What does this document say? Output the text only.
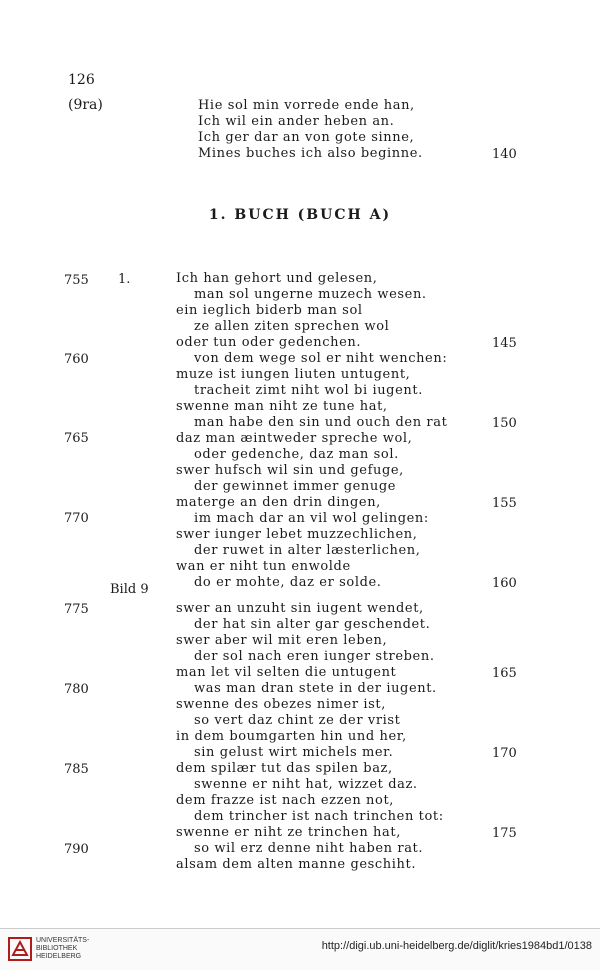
126
(9ra)	Hie sol min vorrede ende han,
Ich wil ein ander heben an.
Ich ger dar an von gote sinne,
Mines buches ich also beginne.	140
1. BUCH (BUCH A)
1.
Bild 9
Ich han gehort und gelesen,
man sol ungerne muzech wesen.
ein ieglich biderb man sol
ze allen ziten sprechen wol
oder tun oder gedenchen.
von dem wege sol er niht wenchen:
muze ist iungen liuten untugent,
tracheit zimt niht wol bi iugent.
swenne man niht ze tune hat,
man habe den sin und ouch den rat
daz man æintweder spreche wol,
oder gedenche, daz man sol.
swer hufsch wil sin und gefuge,
der gewinnet immer genuge
materge an den drin dingen,
im mach dar an vil wol gelingen:
swer iunger lebet muzzechlichen,
der ruwet in alter læsterlichen,
wan er niht tun enwolde
do er mohte, daz er solde.
swer an unzuht sin iugent wendet,
der hat sin alter gar geschendet.
swer aber wil mit eren leben,
der sol nach eren iunger streben.
man let vil selten die untugent
was man dran stete in der iugent.
swenne des obezes nimer ist,
so vert daz chint ze der vrist
in dem boumgarten hin und her,
sin gelust wirt michels mer.
dem spilær tut das spilen baz,
swenne er niht hat, wizzet daz.
dem frazze ist nach ezzen not,
dem trincher ist nach trinchen tot:
swenne er niht ze trinchen hat,
so wil erz denne niht haben rat.
alsam dem alten manne geschiht.
755
760
765
770
775
780
785
790
145
150
155
160
165
170
175
UNIVERSITÄTS-
BIBLIOTHEK
HEIDELBERG
http://digi.ub.uni-heidelberg.de/diglit/kries1984bd1/0138
